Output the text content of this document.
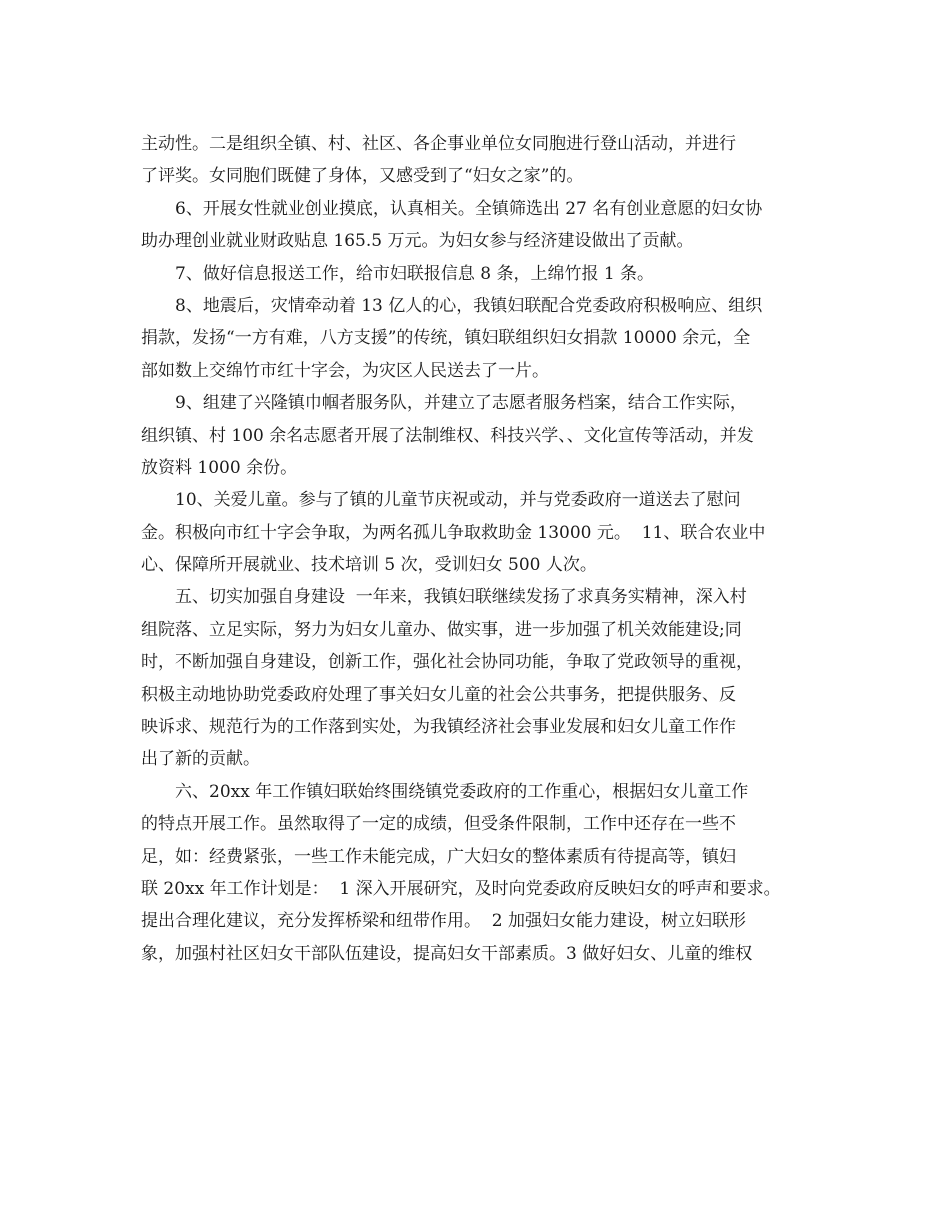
主动性。二是组织全镇、村、社区、各企事业单位女同胞进行登山活动，并进行
了评奖。女同胞们既健了身体，又感受到了“妇女之家”的。
6、开展女性就业创业摸底，认真相关。全镇筛选出 27 名有创业意愿的妇女协
助办理创业就业财政贴息 165.5 万元。为妇女参与经济建设做出了贡献。
7、做好信息报送工作，给市妇联报信息 8 条，上绵竹报 1 条。
8、地震后，灾情牵动着 13 亿人的心，我镇妇联配合党委政府积极响应、组织
捐款，发扬“一方有难，八方支援”的传统，镇妇联组织妇女捐款 10000 余元，全
部如数上交绵竹市红十字会，为灾区人民送去了一片。
9、组建了兴隆镇巾帼者服务队，并建立了志愿者服务档案，结合工作实际，
组织镇、村 100 余名志愿者开展了法制维权、科技兴学、、文化宣传等活动，并发
放资料 1000 余份。
10、关爱儿童。参与了镇的儿童节庆祝或动，并与党委政府一道送去了慰问
金。积极向市红十字会争取，为两名孤儿争取救助金 13000 元。  11、联合农业中
心、保障所开展就业、技术培训 5 次，受训妇女 500 人次。
五、切实加强自身建设  一年来，我镇妇联继续发扬了求真务实精神，深入村
组院落、立足实际，努力为妇女儿童办、做实事，进一步加强了机关效能建设;同
时，不断加强自身建设，创新工作，强化社会协同功能，争取了党政领导的重视，
积极主动地协助党委政府处理了事关妇女儿童的社会公共事务，把提供服务、反
映诉求、规范行为的工作落到实处，为我镇经济社会事业发展和妇女儿童工作作
出了新的贡献。
六、20xx 年工作镇妇联始终围绕镇党委政府的工作重心，根据妇女儿童工作
的特点开展工作。虽然取得了一定的成绩，但受条件限制，工作中还存在一些不
足，如：经费紧张，一些工作未能完成，广大妇女的整体素质有待提高等，镇妇
联 20xx 年工作计划是：  1 深入开展研究，及时向党委政府反映妇女的呼声和要求。
提出合理化建议，充分发挥桥梁和纽带作用。  2 加强妇女能力建设，树立妇联形
象，加强村社区妇女干部队伍建设，提高妇女干部素质。3 做好妇女、儿童的维权
